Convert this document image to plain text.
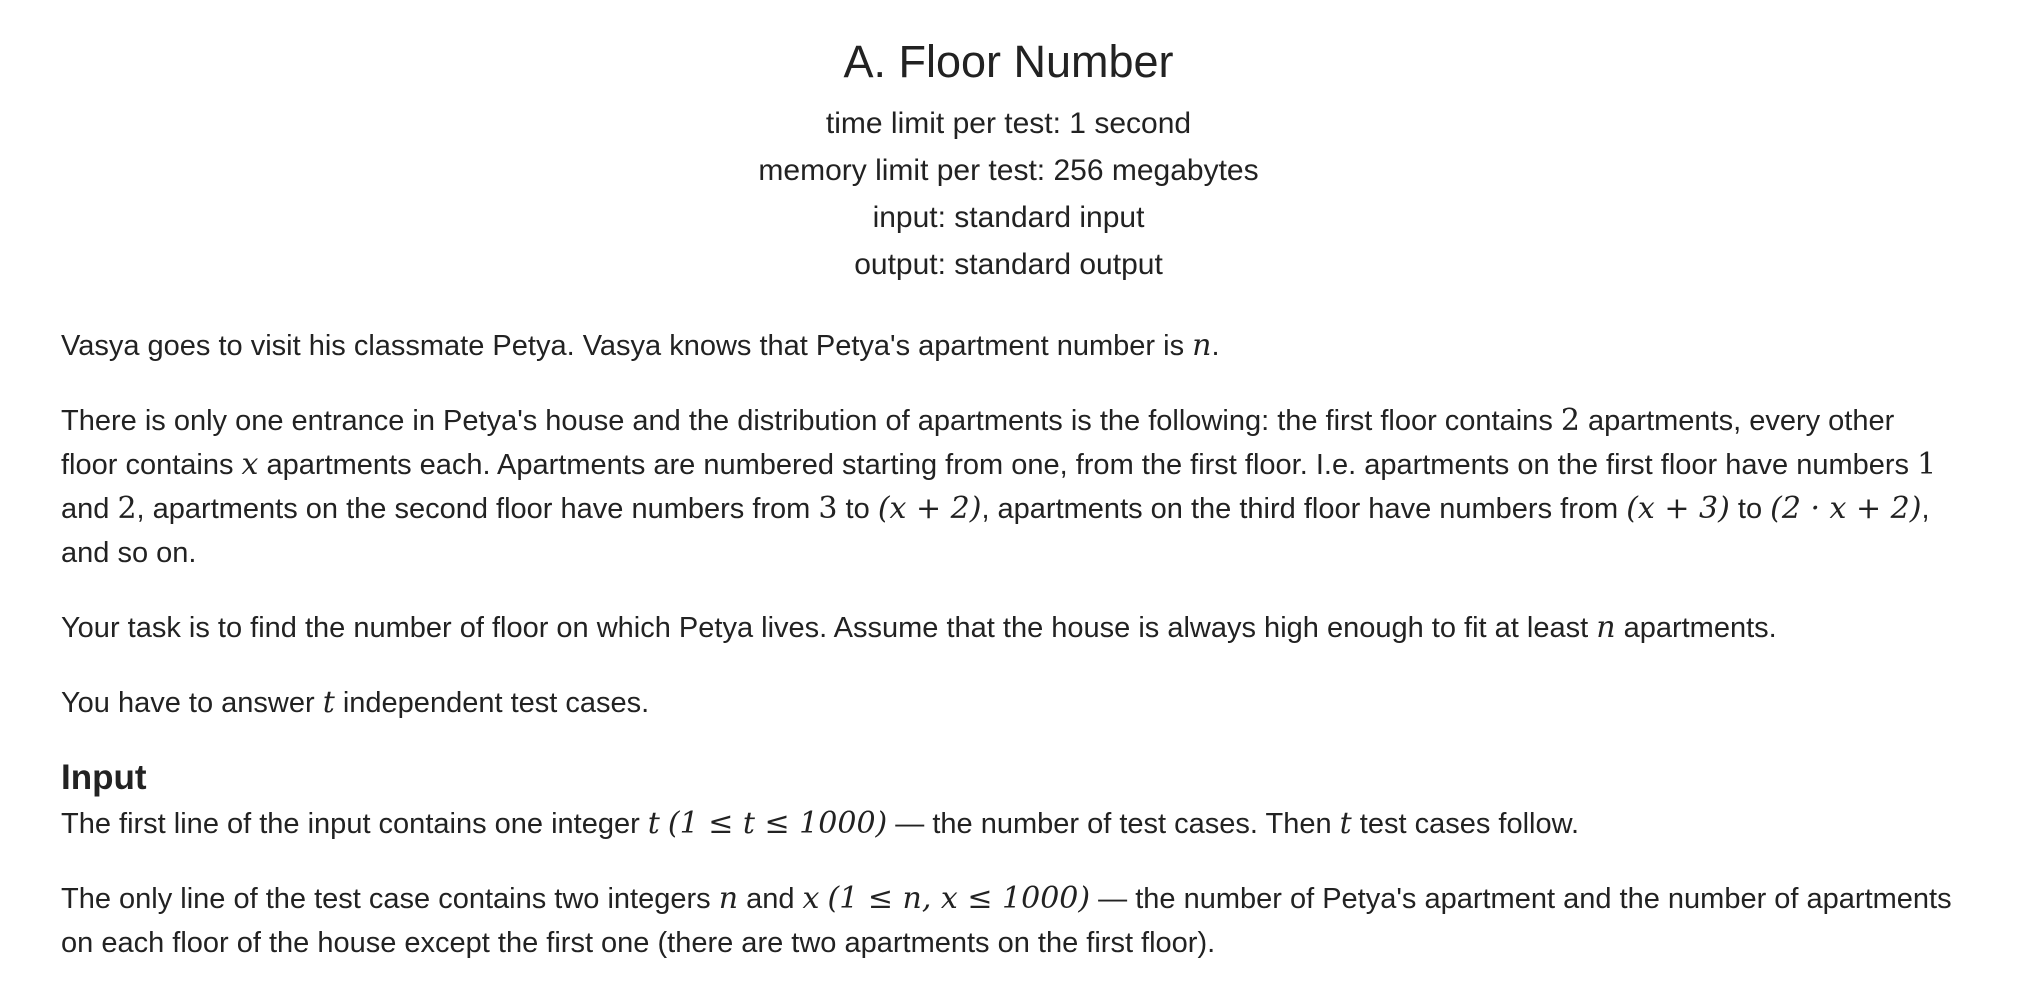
A. Floor Number
time limit per test: 1 second
memory limit per test: 256 megabytes
input: standard input
output: standard output

Vasya goes to visit his classmate Petya. Vasya knows that Petya's apartment number is n.

There is only one entrance in Petya's house and the distribution of apartments is the following: the first floor contains 2 apartments, every other floor contains x apartments each. Apartments are numbered starting from one, from the first floor. I.e. apartments on the first floor have numbers 1 and 2, apartments on the second floor have numbers from 3 to (x + 2), apartments on the third floor have numbers from (x + 3) to (2 · x + 2), and so on.

Your task is to find the number of floor on which Petya lives. Assume that the house is always high enough to fit at least n apartments.

You have to answer t independent test cases.

Input

The first line of the input contains one integer t (1 ≤ t ≤ 1000) — the number of test cases. Then t test cases follow.

The only line of the test case contains two integers n and x (1 ≤ n, x ≤ 1000) — the number of Petya's apartment and the number of apartments on each floor of the house except the first one (there are two apartments on the first floor).
